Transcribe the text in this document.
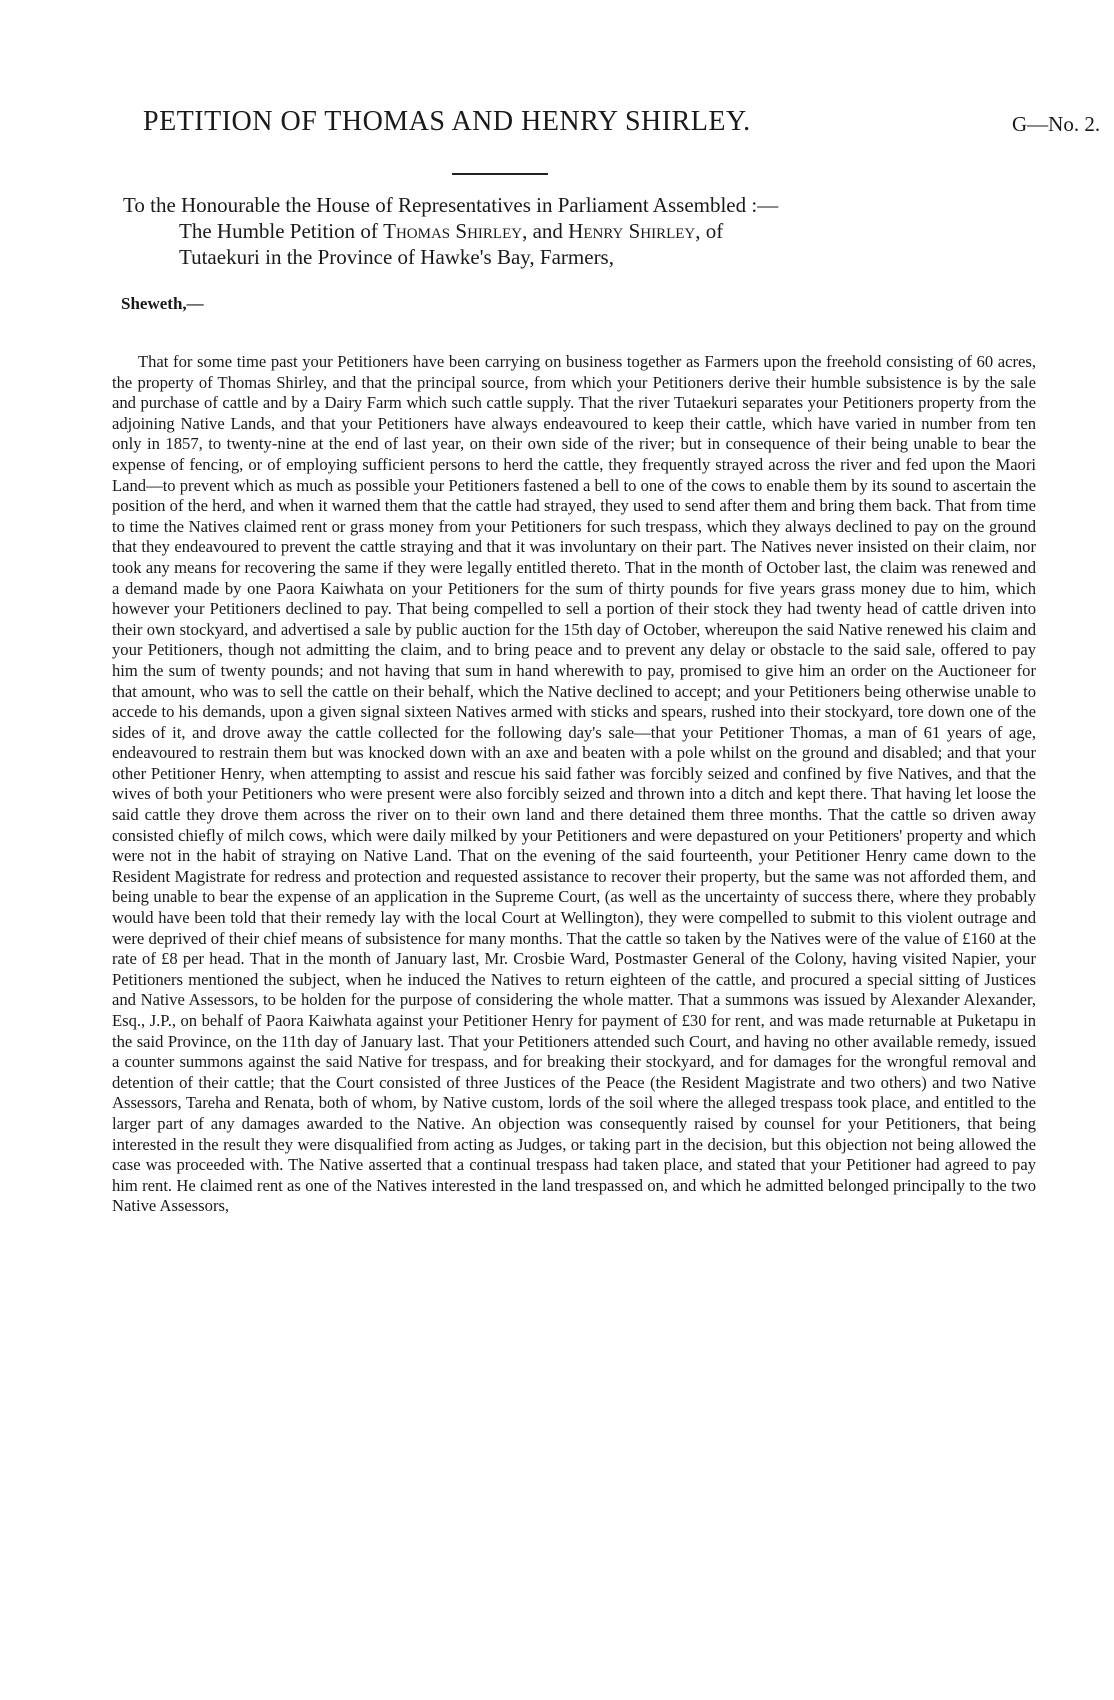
PETITION OF THOMAS AND HENRY SHIRLEY.	G—No. 2.

To the Honourable the House of Representatives in Parliament Assembled :—

The Humble Petition of Thomas Shirley, and Henry Shirley, of

Tutaekuri in the Province of Hawke's Bay, Farmers,

Sheweth,—

That for some time past your Petitioners have been carrying on business together as Farmers upon the freehold consisting of 60 acres, the property of Thomas Shirley, and that the principal source, from which your Petitioners derive their humble subsistence is by the sale and purchase of cattle and by a Dairy Farm which such cattle supply. That the river Tutaekuri separates your Petitioners property from the adjoining Native Lands, and that your Petitioners have always endeavoured to keep their cattle, which have varied in number from ten only in 1857, to twenty-nine at the end of last year, on their own side of the river; but in consequence of their being unable to bear the expense of fencing, or of employing sufficient persons to herd the cattle, they frequently strayed across the river and fed upon the Maori Land—to prevent which as much as possible your Petitioners fastened a bell to one of the cows to enable them by its sound to ascertain the position of the herd, and when it warned them that the cattle had strayed, they used to send after them and bring them back. That from time to time the Natives claimed rent or grass money from your Petitioners for such trespass, which they always declined to pay on the ground that they endeavoured to prevent the cattle straying and that it was involuntary on their part. The Natives never insisted on their claim, nor took any means for recovering the same if they were legally entitled thereto. That in the month of October last, the claim was renewed and a demand made by one Paora Kaiwhata on your Petitioners for the sum of thirty pounds for five years grass money due to him, which however your Petitioners declined to pay. That being compelled to sell a portion of their stock they had twenty head of cattle driven into their own stockyard, and advertised a sale by public auction for the 15th day of October, whereupon the said Native renewed his claim and your Petitioners, though not admitting the claim, and to bring peace and to prevent any delay or obstacle to the said sale, offered to pay him the sum of twenty pounds; and not having that sum in hand wherewith to pay, promised to give him an order on the Auctioneer for that amount, who was to sell the cattle on their behalf, which the Native declined to accept; and your Petitioners being otherwise unable to accede to his demands, upon a given signal sixteen Natives armed with sticks and spears, rushed into their stockyard, tore down one of the sides of it, and drove away the cattle collected for the following day's sale—that your Petitioner Thomas, a man of 61 years of age, endeavoured to restrain them but was knocked down with an axe and beaten with a pole whilst on the ground and disabled; and that your other Petitioner Henry, when attempting to assist and rescue his said father was forcibly seized and confined by five Natives, and that the wives of both your Petitioners who were present were also forcibly seized and thrown into a ditch and kept there. That having let loose the said cattle they drove them across the river on to their own land and there detained them three months. That the cattle so driven away consisted chiefly of milch cows, which were daily milked by your Petitioners and were depastured on your Petitioners' property and which were not in the habit of straying on Native Land. That on the evening of the said fourteenth, your Petitioner Henry came down to the Resident Magistrate for redress and protection and requested assistance to recover their property, but the same was not afforded them, and being unable to bear the expense of an application in the Supreme Court, (as well as the uncertainty of success there, where they probably would have been told that their remedy lay with the local Court at Wellington), they were compelled to submit to this violent outrage and were deprived of their chief means of subsistence for many months. That the cattle so taken by the Natives were of the value of £160 at the rate of £8 per head. That in the month of January last, Mr. Crosbie Ward, Postmaster General of the Colony, having visited Napier, your Petitioners mentioned the subject, when he induced the Natives to return eighteen of the cattle, and procured a special sitting of Justices and Native Assessors, to be holden for the purpose of considering the whole matter. That a summons was issued by Alexander Alexander, Esq., J.P., on behalf of Paora Kaiwhata against your Petitioner Henry for payment of £30 for rent, and was made returnable at Puketapu in the said Province, on the 11th day of January last. That your Petitioners attended such Court, and having no other available remedy, issued a counter summons against the said Native for trespass, and for breaking their stockyard, and for damages for the wrongful removal and detention of their cattle; that the Court consisted of three Justices of the Peace (the Resident Magistrate and two others) and two Native Assessors, Tareha and Renata, both of whom, by Native custom, lords of the soil where the alleged trespass took place, and entitled to the larger part of any damages awarded to the Native. An objection was consequently raised by counsel for your Petitioners, that being interested in the result they were disqualified from acting as Judges, or taking part in the decision, but this objection not being allowed the case was proceeded with. The Native asserted that a continual trespass had taken place, and stated that your Petitioner had agreed to pay him rent. He claimed rent as one of the Natives interested in the land trespassed on, and which he admitted belonged principally to the two Native Assessors,
